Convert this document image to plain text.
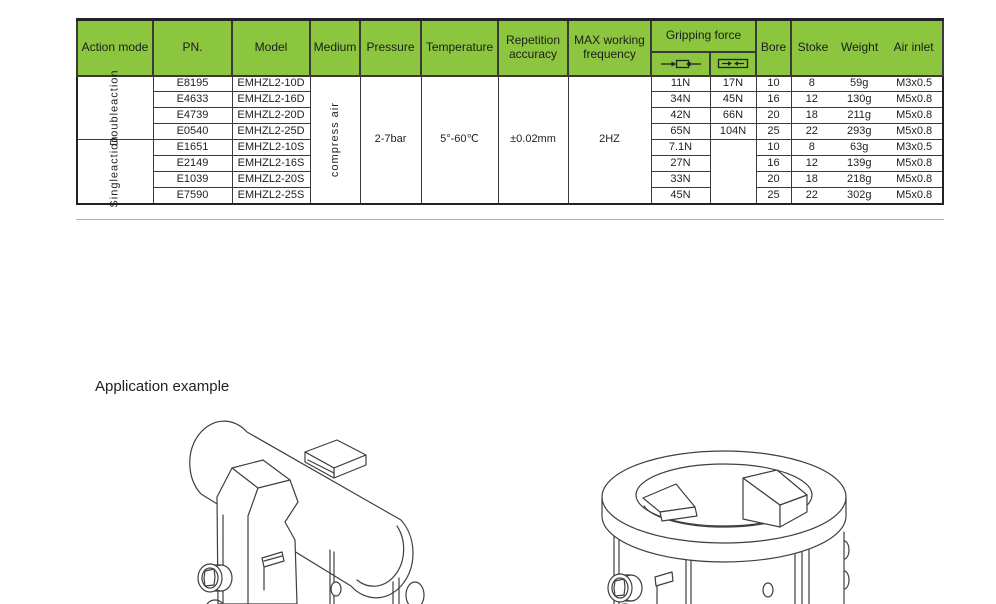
Action mode	PN.	Model	Medium	Pressure	Temperature	Repetition accuracy	MAX working frequency	Gripping force		Bore	Stoke Weight Air inlet

Double
action	E8195	EMHZL2-10D	compress air	2-7bar	5°-60℃	±0.02mm	2HZ	11N	17N	10	8 59g M3x0.5

	E4633	EMHZL2-16D						34N	45N	16	12 130g M5x0.8

	E4739	EMHZL2-20D						42N	66N	20	18 211g M5x0.8

	E0540	EMHZL2-25D						65N	104N	25	22 293g M5x0.8

Single
action	E1651	EMHZL2-10S						7.1N		10	8 63g M3x0.5

	E2149	EMHZL2-16S						27N		16	12 139g M5x0.8

	E1039	EMHZL2-20S						33N		20	18 218g M5x0.8

	E7590	EMHZL2-25S						45N		25	22 302g M5x0.8
Application example
